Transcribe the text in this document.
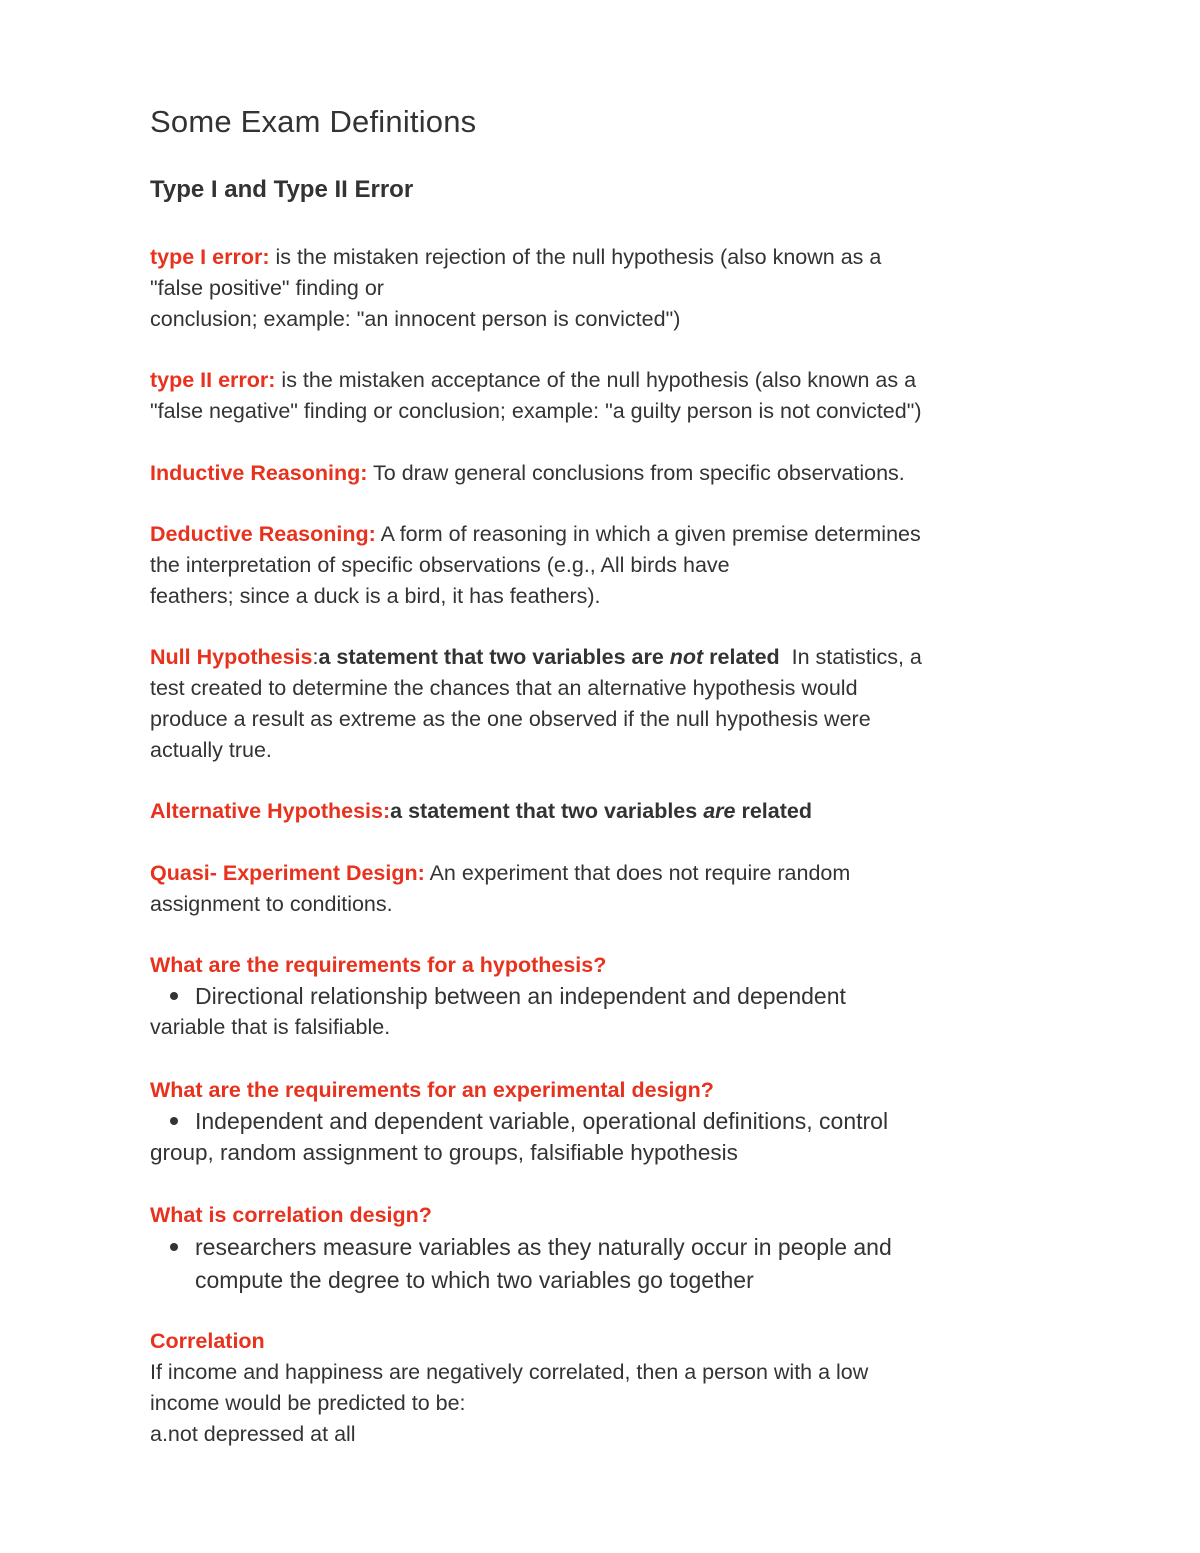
Some Exam Definitions
Type I and Type II Error
type I error: is the mistaken rejection of the null hypothesis (also known as a
"false positive" finding or
conclusion; example: "an innocent person is convicted")
type II error: is the mistaken acceptance of the null hypothesis (also known as a
"false negative" finding or conclusion; example: "a guilty person is not convicted")
Inductive Reasoning: To draw general conclusions from specific observations.
Deductive Reasoning: A form of reasoning in which a given premise determines
the interpretation of specific observations (e.g., All birds have
feathers; since a duck is a bird, it has feathers).
Null Hypothesis:a statement that two variables are not related  In statistics, a
test created to determine the chances that an alternative hypothesis would
produce a result as extreme as the one observed if the null hypothesis were
actually true.
Alternative Hypothesis:a statement that two variables are related
Quasi- Experiment Design: An experiment that does not require random
assignment to conditions.
What are the requirements for a hypothesis?
Directional relationship between an independent and dependent
variable that is falsifiable.
What are the requirements for an experimental design?
Independent and dependent variable, operational definitions, control
group, random assignment to groups, falsifiable hypothesis
What is correlation design?
researchers measure variables as they naturally occur in people and
compute the degree to which two variables go together
Correlation
If income and happiness are negatively correlated, then a person with a low
income would be predicted to be:
a.not depressed at all
